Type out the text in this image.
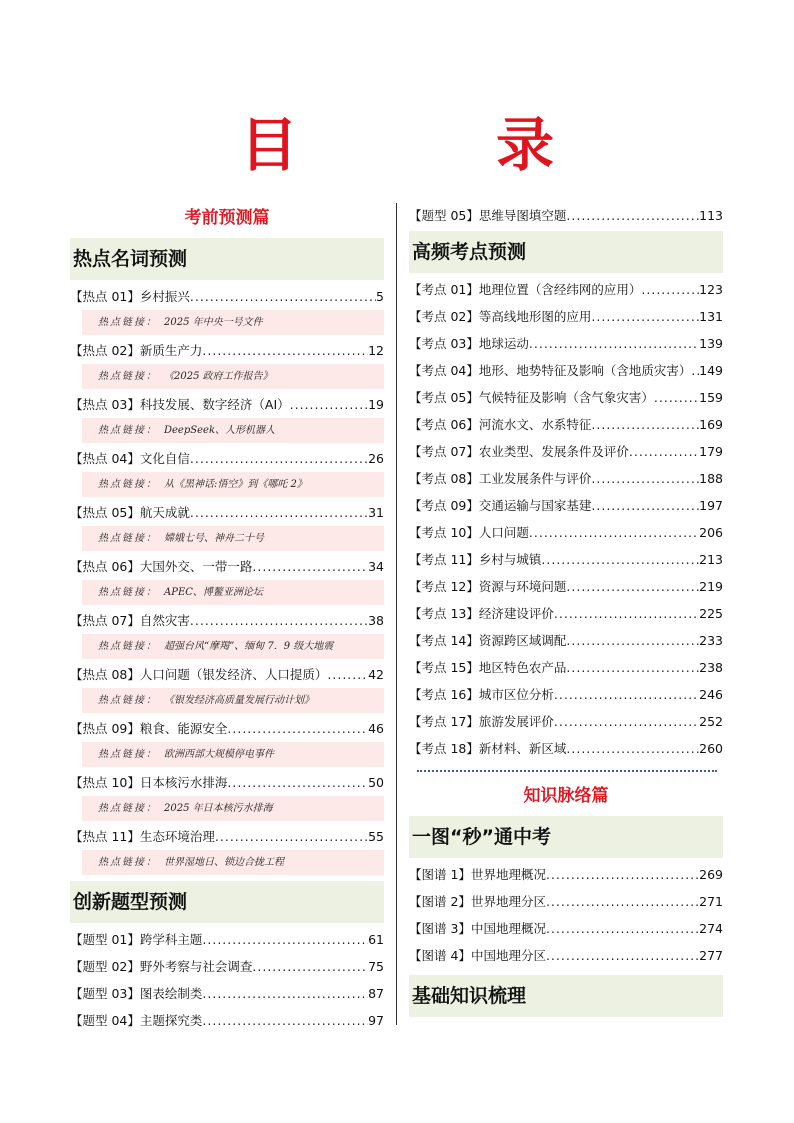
目　录
考前预测篇
热点名词预测
【热点 01】 乡村振兴 .....	5
热点链接： 2025 年中央一号文件
【热点 02】 新质生产力 .....	12
热点链接： 《2025 政府工作报告》
【热点 03】 科技发展、数字经济（AI） .....	19
热点链接： DeepSeek、人形机器人
【热点 04】 文化自信 .....	26
热点链接： 从《黑神话:悟空》到《哪吒 2》
【热点 05】 航天成就 .....	31
热点链接： 嫦娥七号、神舟二十号
【热点 06】 大国外交、一带一路 .....	34
热点链接： APEC、博鳌亚洲论坛
【热点 07】 自然灾害 .....	38
热点链接： 超强台风“摩羯”、缅甸 7．9 级大地震
【热点 08】 人口问题（银发经济、人口提质） .....	42
热点链接： 《银发经济高质量发展行动计划》
【热点 09】 粮食、能源安全 .....	46
热点链接： 欧洲西部大规模停电事件
【热点 10】 日本核污水排海 .....	50
热点链接： 2025 年日本核污水排海
【热点 11】 生态环境治理 .....	55
热点链接： 世界湿地日、锁边合拢工程
创新题型预测
【题型 01】 跨学科主题 .....	61
【题型 02】 野外考察与社会调查 .....	75
【题型 03】 图表绘制类 .....	87
【题型 04】 主题探究类 .....	97
【题型 05】 思维导图填空题 .....	113
高频考点预测
【考点 01】 地理位置（含经纬网的应用） .....	123
【考点 02】 等高线地形图的应用 .....	131
【考点 03】 地球运动 .....	139
【考点 04】 地形、地势特征及影响（含地质灾害） ..... 149
【考点 05】 气候特征及影响（含气象灾害） .....	159
【考点 06】 河流水文、水系特征 .....	169
【考点 07】 农业类型、发展条件及评价 .....	179
【考点 08】 工业发展条件与评价 .....	188
【考点 09】 交通运输与国家基建 .....	197
【考点 10】 人口问题 .....	206
【考点 11】 乡村与城镇 .....	213
【考点 12】 资源与环境问题 .....	219
【考点 13】 经济建设评价 .....	225
【考点 14】 资源跨区域调配 .....	233
【考点 15】 地区特色农产品 .....	238
【考点 16】 城市区位分析 .....	246
【考点 17】 旅游发展评价 .....	252
【考点 18】 新材料、新区域 .....	260
知识脉络篇
一图“秒”通中考
【图谱 1】 世界地理概况 .....	269
【图谱 2】 世界地理分区 .....	271
【图谱 3】 中国地理概况 .....	274
【图谱 4】 中国地理分区 .....	277
基础知识梳理
